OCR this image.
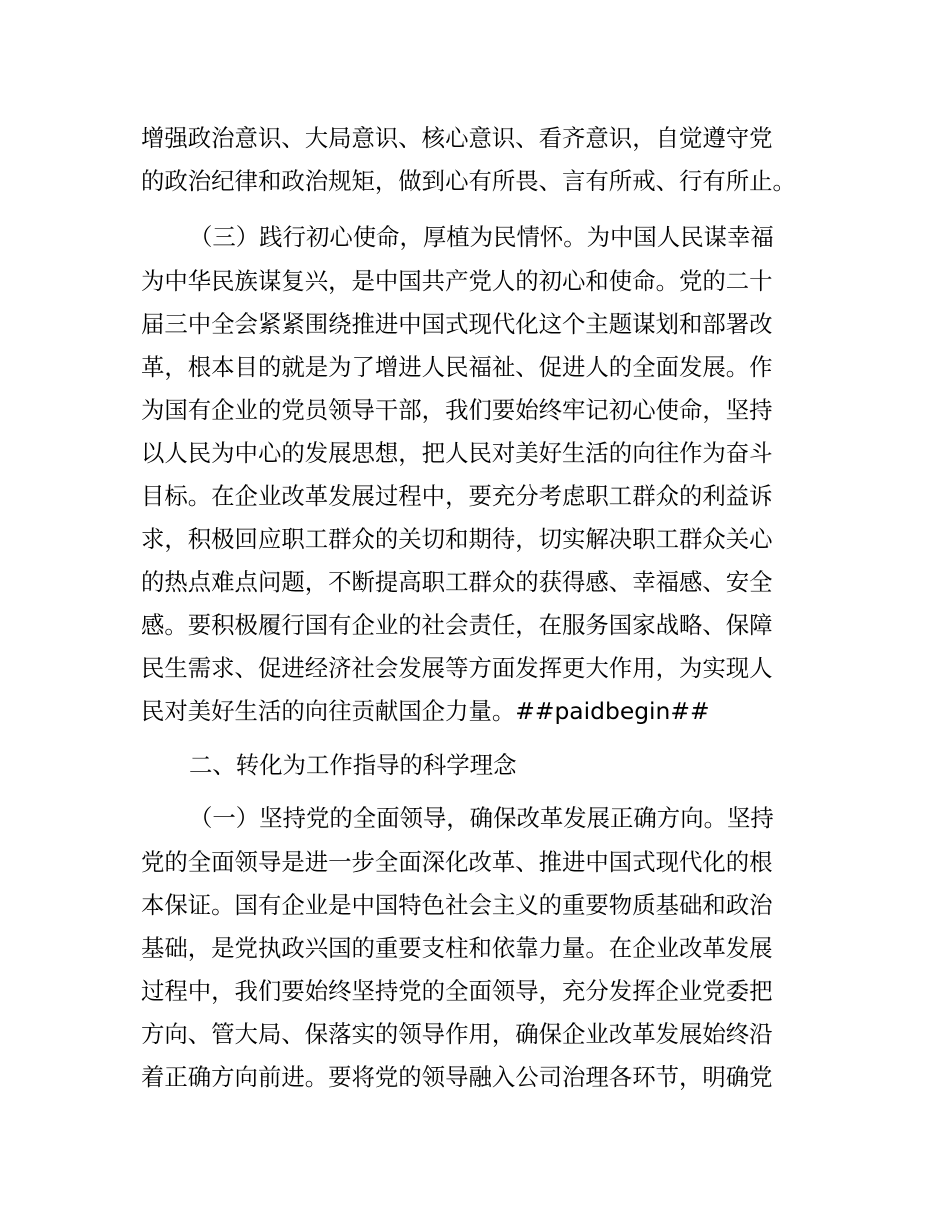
增强政治意识、大局意识、核心意识、看齐意识，自觉遵守党
的政治纪律和政治规矩，做到心有所畏、言有所戒、行有所止。
（三）践行初心使命，厚植为民情怀。为中国人民谋幸福
为中华民族谋复兴，是中国共产党人的初心和使命。党的二十
届三中全会紧紧围绕推进中国式现代化这个主题谋划和部署改
革，根本目的就是为了增进人民福祉、促进人的全面发展。作
为国有企业的党员领导干部，我们要始终牢记初心使命，坚持
以人民为中心的发展思想，把人民对美好生活的向往作为奋斗
目标。在企业改革发展过程中，要充分考虑职工群众的利益诉
求，积极回应职工群众的关切和期待，切实解决职工群众关心
的热点难点问题，不断提高职工群众的获得感、幸福感、安全
感。要积极履行国有企业的社会责任，在服务国家战略、保障
民生需求、促进经济社会发展等方面发挥更大作用，为实现人
民对美好生活的向往贡献国企力量。##paidbegin##
二、转化为工作指导的科学理念
（一）坚持党的全面领导，确保改革发展正确方向。坚持
党的全面领导是进一步全面深化改革、推进中国式现代化的根
本保证。国有企业是中国特色社会主义的重要物质基础和政治
基础，是党执政兴国的重要支柱和依靠力量。在企业改革发展
过程中，我们要始终坚持党的全面领导，充分发挥企业党委把
方向、管大局、保落实的领导作用，确保企业改革发展始终沿
着正确方向前进。要将党的领导融入公司治理各环节，明确党
